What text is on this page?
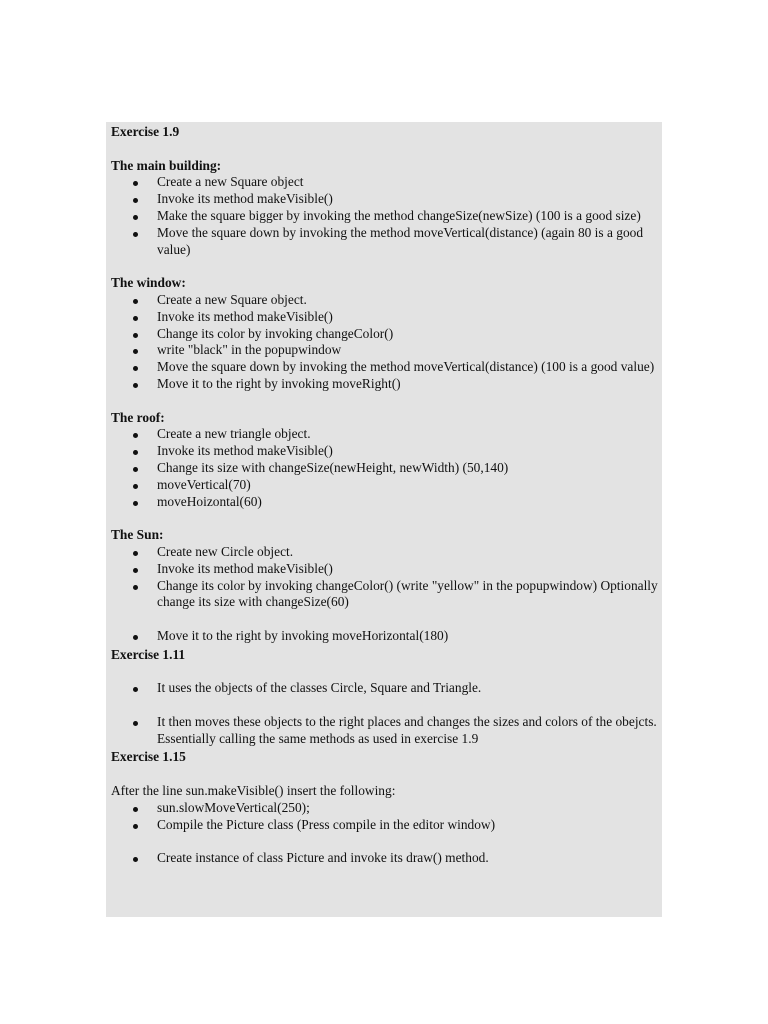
Exercise 1.9

The main building:

Create a new Square object
Invoke its method makeVisible()
Make the square bigger by invoking the method changeSize(newSize) (100 is a good size)
Move the square down by invoking the method moveVertical(distance) (again 80 is a good value)

The window:

Create a new Square object.
Invoke its method makeVisible()
Change its color by invoking changeColor()
write "black" in the popupwindow
Move the square down by invoking the method moveVertical(distance) (100 is a good value)
Move it to the right by invoking moveRight()

The roof:

Create a new triangle object.
Invoke its method makeVisible()
Change its size with changeSize(newHeight, newWidth) (50,140)
moveVertical(70)
moveHoizontal(60)

The Sun:

Create new Circle object.
Invoke its method makeVisible()
Change its color by invoking changeColor() (write "yellow" in the popupwindow) Optionally change its size with changeSize(60)
Move it to the right by invoking moveHorizontal(180)

Exercise 1.11

It uses the objects of the classes Circle, Square and Triangle.
It then moves these objects to the right places and changes the sizes and colors of the obejcts. Essentially calling the same methods as used in exercise 1.9

Exercise 1.15

After the line sun.makeVisible() insert the following:

sun.slowMoveVertical(250);
Compile the Picture class (Press compile in the editor window)
Create instance of class Picture and invoke its draw() method.
